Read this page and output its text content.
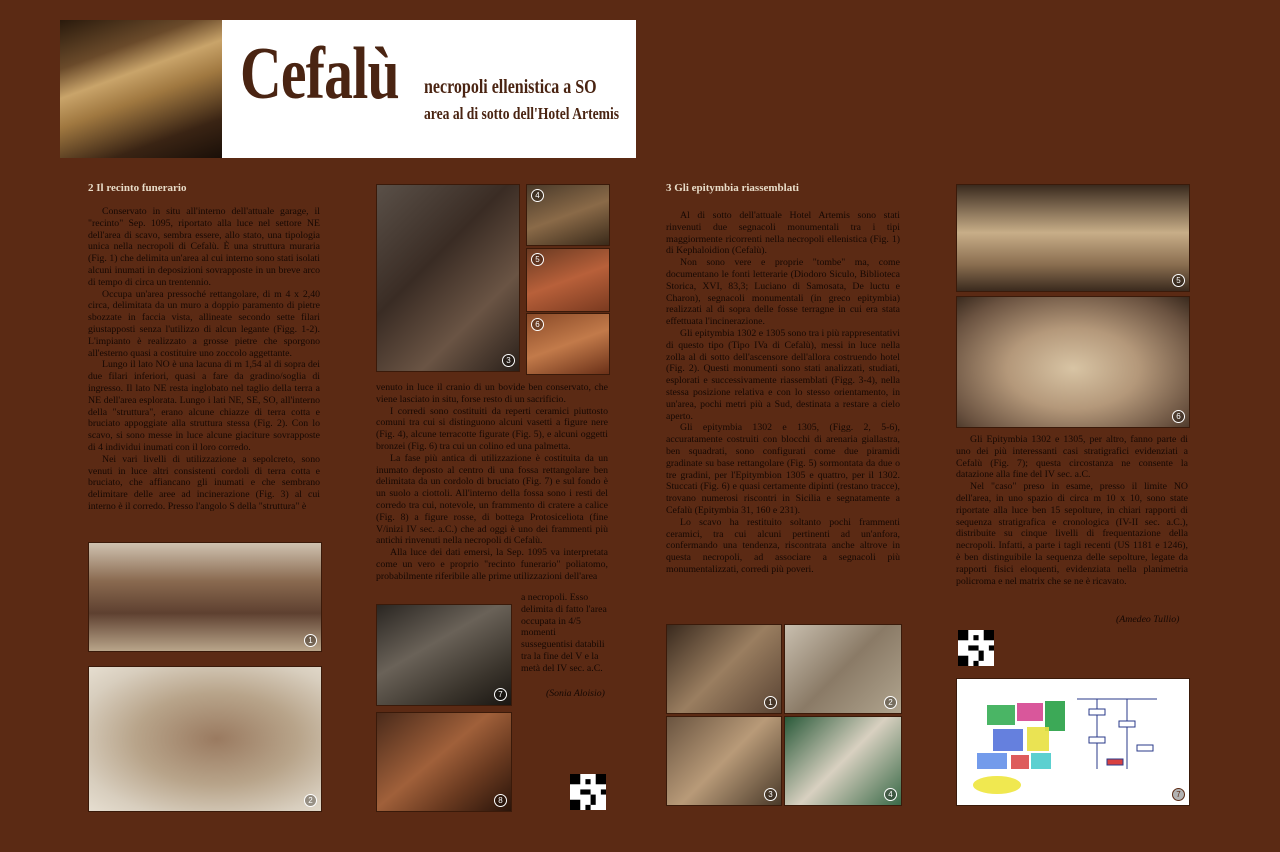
Cefalù necropoli ellenistica a SO
area al di sotto dell'Hotel Artemis
2 Il recinto funerario

Conservato in situ all'interno dell'attuale garage, il "recinto" Sep. 1095, riportato alla luce nel settore NE dell'area di scavo, sembra essere, allo stato, una tipologia unica nella necropoli di Cefalù. È una struttura muraria (Fig. 1) che delimita un'area al cui interno sono stati isolati alcuni inumati in deposizioni sovrapposte in un breve arco di tempo di circa un trentennio.

Occupa un'area pressoché rettangolare, di m 4 x 2,40 circa, delimitata da un muro a doppio paramento di pietre sbozzate in faccia vista, allineate secondo sette filari giustapposti senza l'utilizzo di alcun legante (Figg. 1-2). L'impianto è realizzato a grosse pietre che sporgono all'esterno quasi a costituire uno zoccolo aggettante.

Lungo il lato NO è una lacuna di m 1,54 al di sopra dei due filari inferiori, quasi a fare da gradino/soglia di ingresso. Il lato NE resta inglobato nel taglio della terra a NE dell'area esplorata. Lungo i lati NE, SE, SO, all'interno della "struttura", erano alcune chiazze di terra cotta e bruciato appoggiate alla struttura stessa (Fig. 2). Con lo scavo, si sono messe in luce alcune giaciture sovrapposte di 4 individui inumati con il loro corredo.

Nei vari livelli di utilizzazione a sepolcreto, sono venuti in luce altri consistenti cordoli di terra cotta e bruciato, che affiancano gli inumati e che sembrano delimitare delle aree ad incinerazione (Fig. 3) al cui interno è il corredo. Presso l'angolo S della "struttura" è

1
2
3
4
5
6

venuto in luce il cranio di un bovide ben conservato, che viene lasciato in situ, forse resto di un sacrificio.

I corredi sono costituiti da reperti ceramici piuttosto comuni tra cui si distinguono alcuni vasetti a figure nere (Fig. 4), alcune terracotte figurate (Fig. 5), e alcuni oggetti bronzei (Fig. 6) tra cui un colino ed una palmetta.

La fase più antica di utilizzazione è costituita da un inumato deposto al centro di una fossa rettangolare ben delimitata da un cordolo di bruciato (Fig. 7) e sul fondo è un suolo a ciottoli. All'interno della fossa sono i resti del corredo tra cui, notevole, un frammento di cratere a calice (Fig. 8) a figure rosse, di bottega Protosiceliota (fine V/inizi IV sec. a.C.) che ad oggi è uno dei frammenti più antichi rinvenuti nella necropoli di Cefalù.

Alla luce dei dati emersi, la Sep. 1095 va interpretata come un vero e proprio "recinto funerario" poliatomo, probabilmente riferibile alle prime utilizzazioni dell'area

7
a necropoli. Esso delimita di fatto l'area occupata in 4/5 momenti susseguentisi databili tra la fine del V e la metà del IV sec. a.C.
(Sonia Aloisio)
8
3 Gli epitymbia riassemblati

Al di sotto dell'attuale Hotel Artemis sono stati rinvenuti due segnacoli monumentali tra i tipi maggiormente ricorrenti nella necropoli ellenistica (Fig. 1) di Kephaloidion (Cefalù).

Non sono vere e proprie "tombe" ma, come documentano le fonti letterarie (Diodoro Siculo, Biblioteca Storica, XVI, 83,3; Luciano di Samosata, De luctu e Charon), segnacoli monumentali (in greco epitymbia) realizzati al di sopra delle fosse terragne in cui era stata effettuata l'incinerazione.

Gli epitymbia 1302 e 1305 sono tra i più rappresentativi di questo tipo (Tipo IVa di Cefalù), messi in luce nella zolla al di sotto dell'ascensore dell'allora costruendo hotel (Fig. 2). Questi monumenti sono stati analizzati, studiati, esplorati e successivamente riassemblati (Figg. 3-4), nella stessa posizione relativa e con lo stesso orientamento, in un'area, pochi metri più a Sud, destinata a restare a cielo aperto.

Gli epitymbia 1302 e 1305, (Figg. 2, 5-6), accuratamente costruiti con blocchi di arenaria giallastra, ben squadrati, sono configurati come due piramidi gradinate su base rettangolare (Fig. 5) sormontata da due o tre gradini, per l'Epitymbion 1305 e quattro, per il 1302. Stuccati (Fig. 6) e quasi certamente dipinti (restano tracce), trovano numerosi riscontri in Sicilia e segnatamente a Cefalù (Epitymbia 31, 160 e 231).

Lo scavo ha restituito soltanto pochi frammenti ceramici, tra cui alcuni pertinenti ad un'anfora, confermando una tendenza, riscontrata anche altrove in questa necropoli, ad associare a segnacoli più monumentalizzati, corredi più poveri.

1	2
3	4
5
6

Gli Epitymbia 1302 e 1305, per altro, fanno parte di uno dei più interessanti casi stratigrafici evidenziati a Cefalù (Fig. 7); questa circostanza ne consente la datazione alla fine del IV sec. a.C.

Nel "caso" preso in esame, presso il limite NO dell'area, in uno spazio di circa m 10 x 10, sono state riportate alla luce ben 15 sepolture, in chiari rapporti di sequenza stratigrafica e cronologica (IV-II sec. a.C.), distribuite su cinque livelli di frequentazione della necropoli. Infatti, a parte i tagli recenti (US 1181 e 1246), è ben distinguibile la sequenza delle sepolture, legate da rapporti fisici eloquenti, evidenziata nella planimetria policroma e nel matrix che se ne è ricavato.

(Amedeo Tullio)
7
